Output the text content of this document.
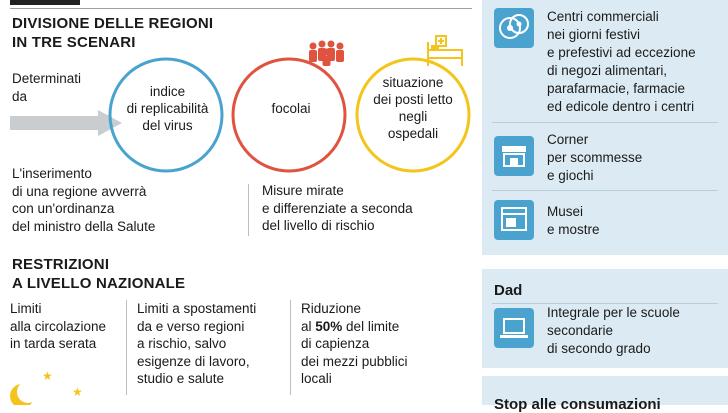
DIVISIONE DELLE REGIONI
IN TRE SCENARI
Determinati
da	indice
di replicabilità
del virus
focolai
situazione
dei posti letto
negli
ospedali
L'inserimento
di una regione avverrà
con un'ordinanza
del ministro della Salute
Misure mirate
e differenziate a seconda
del livello di rischio
RESTRIZIONI
A LIVELLO NAZIONALE
Limiti
alla circolazione
in tarda serata
Limiti a spostamenti
da e verso regioni
a rischio, salvo
esigenze di lavoro,
studio e salute
Riduzione
al 50% del limite
di capienza
dei mezzi pubblici
locali
★
★
Centri commerciali
nei giorni festivi
e prefestivi ad eccezione
di negozi alimentari,
parafarmacie, farmacie
ed edicole dentro i centri
Corner
per scommesse
e giochi
Musei
e mostre
Dad
Integrale per le scuole
secondarie
di secondo grado
Stop alle consumazioni
